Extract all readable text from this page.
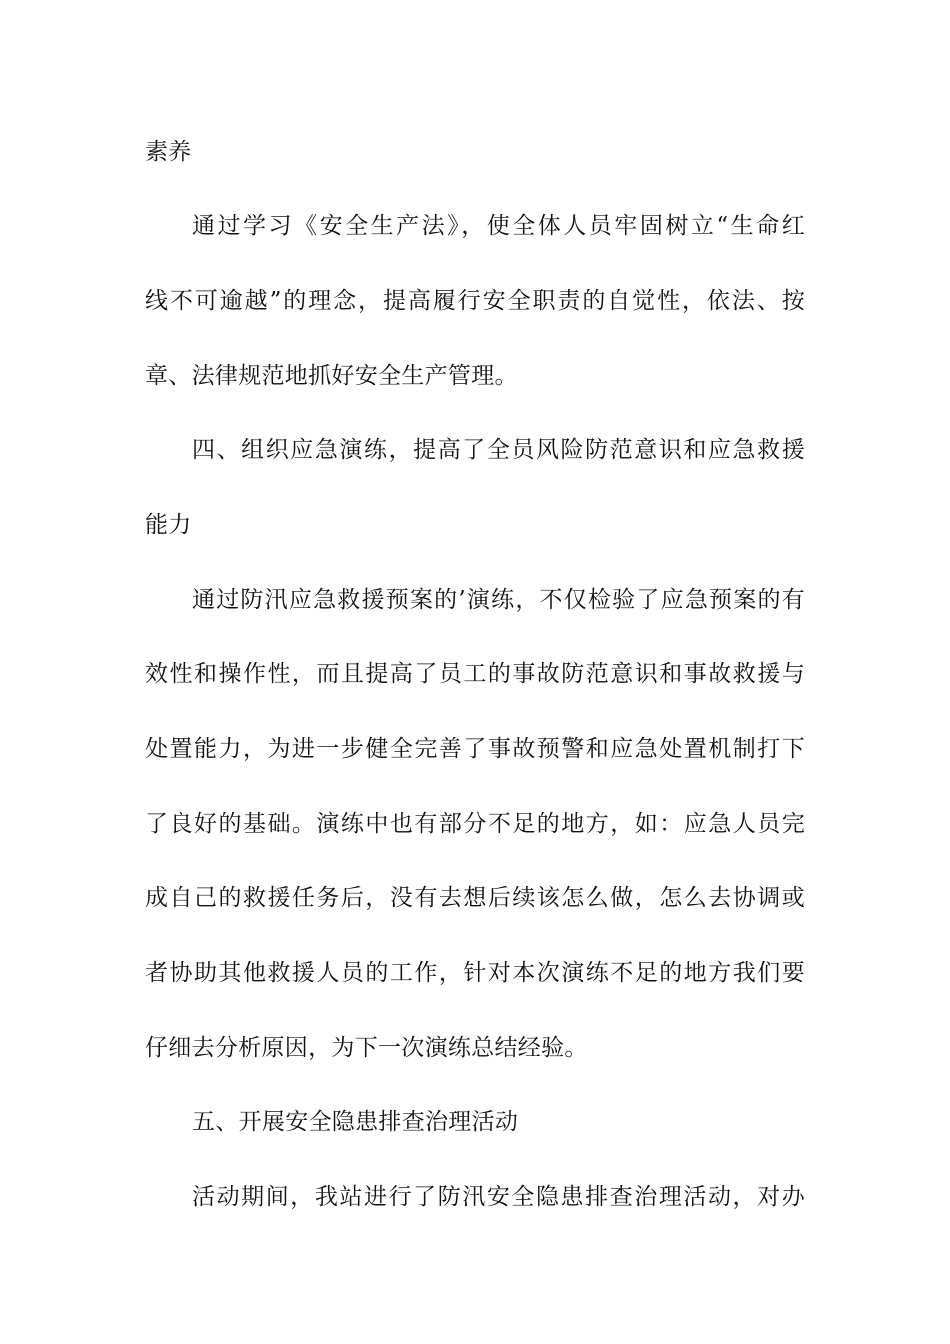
素养
通过学习《安全生产法》，使全体人员牢固树立“生命红
线不可逾越”的理念，提高履行安全职责的自觉性，依法、按
章、法律规范地抓好安全生产管理。
四、组织应急演练，提高了全员风险防范意识和应急救援
能力
通过防汛应急救援预案的’演练，不仅检验了应急预案的有
效性和操作性，而且提高了员工的事故防范意识和事故救援与
处置能力，为进一步健全完善了事故预警和应急处置机制打下
了良好的基础。演练中也有部分不足的地方，如：应急人员完
成自己的救援任务后，没有去想后续该怎么做，怎么去协调或
者协助其他救援人员的工作，针对本次演练不足的地方我们要
仔细去分析原因，为下一次演练总结经验。
五、开展安全隐患排查治理活动
活动期间，我站进行了防汛安全隐患排查治理活动，对办
